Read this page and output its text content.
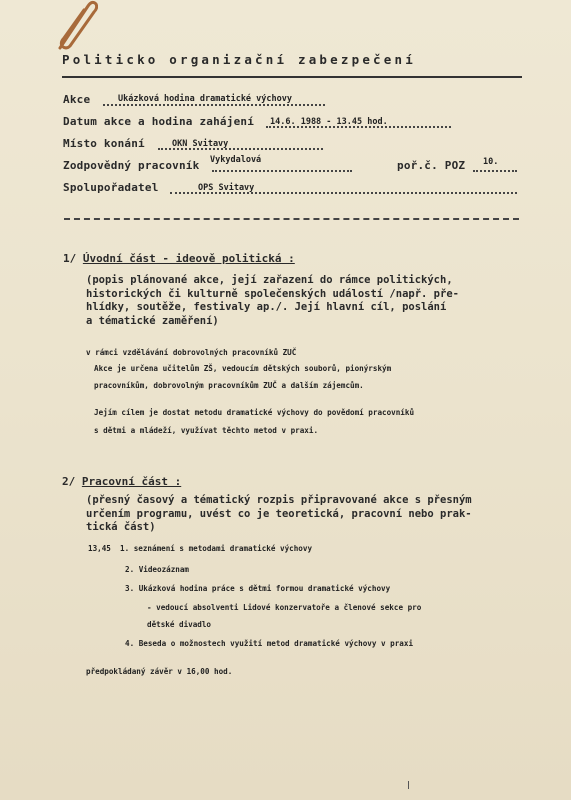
Politicko organizační zabezpečení
Akce	Ukázková hodina dramatické výchovy
Datum akce a hodina zahájení 14.6. 1988 - 13.45 hod.
Místo konání	OKN Svitavy
Zodpovědný pracovník Vykydalová	poř.č. POZ 10.
Spolupořadatel	OPS Svitavy
1/ Úvodní část - ideově politická :
(popis plánované akce, její zařazení do rámce politických,
historických či kulturně společenských událostí /např. pře-
hlídky, soutěže, festivaly ap./. Její hlavní cíl, poslání
a tématické zaměření)
v rámci vzdělávání dobrovolných pracovníků ZUČ
Akce je určena učitelům ZŠ, vedoucím dětských souborů, pionýrským
pracovníkům, dobrovolným pracovníkům ZUČ a dalším zájemcům.
Jejím cílem je dostat metodu dramatické výchovy do povědomí pracovníků
s dětmi a mládeží, využívat těchto metod v praxi.
2/ Pracovní část :
(přesný časový a tématický rozpis připravované akce s přesným
určením programu, uvést co je teoretická, pracovní nebo prak-
tická část)
13,45 1. seznámení s metodami dramatické výchovy
2. Videozáznam
3. Ukázková hodina práce s dětmi formou dramatické výchovy
- vedoucí absolventi Lidové konzervatoře a členové sekce pro
dětské divadlo
4. Beseda o možnostech využití metod dramatické výchovy v praxi
předpokládaný závěr v 16,00 hod.
